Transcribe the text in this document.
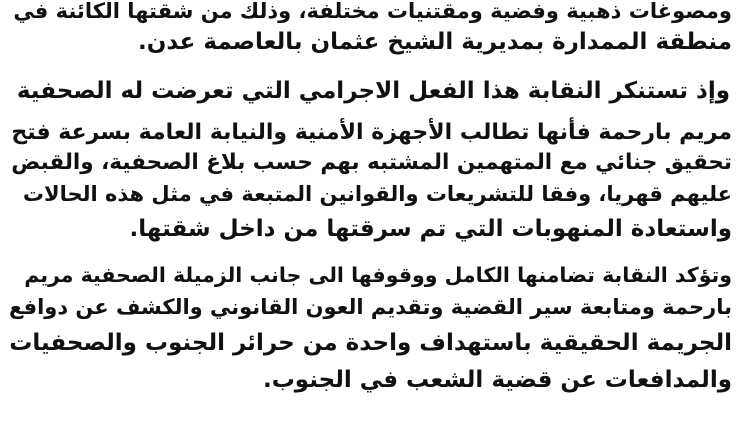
ومصوغات ذهبية وفضية ومقتنيات مختلفة، وذلك من شقتها الكائنة في

منطقة الممدارة بمديرية الشيخ عثمان بالعاصمة عدن.

وإذ تستنكر النقابة هذا الفعل الاجرامي التي تعرضت له الصحفية

مريم بارحمة فأنها تطالب الأجهزة الأمنية والنيابة العامة بسرعة فتح

تحقيق جنائي مع المتهمين المشتبه بهم حسب بلاغ الصحفية، والقبض

عليهم قهريا، وفقا للتشريعات والقوانين المتبعة في مثل هذه الحالات

واستعادة المنهوبات التي تم سرقتها من داخل شقتها.

وتؤكد النقابة تضامنها الكامل ووقوفها الى جانب الزميلة الصحفية مريم

بارحمة ومتابعة سير القضية وتقديم العون القانوني والكشف عن دوافع

الجريمة الحقيقية باستهداف واحدة من حرائر الجنوب والصحفيات

والمدافعات عن قضية الشعب في الجنوب.
